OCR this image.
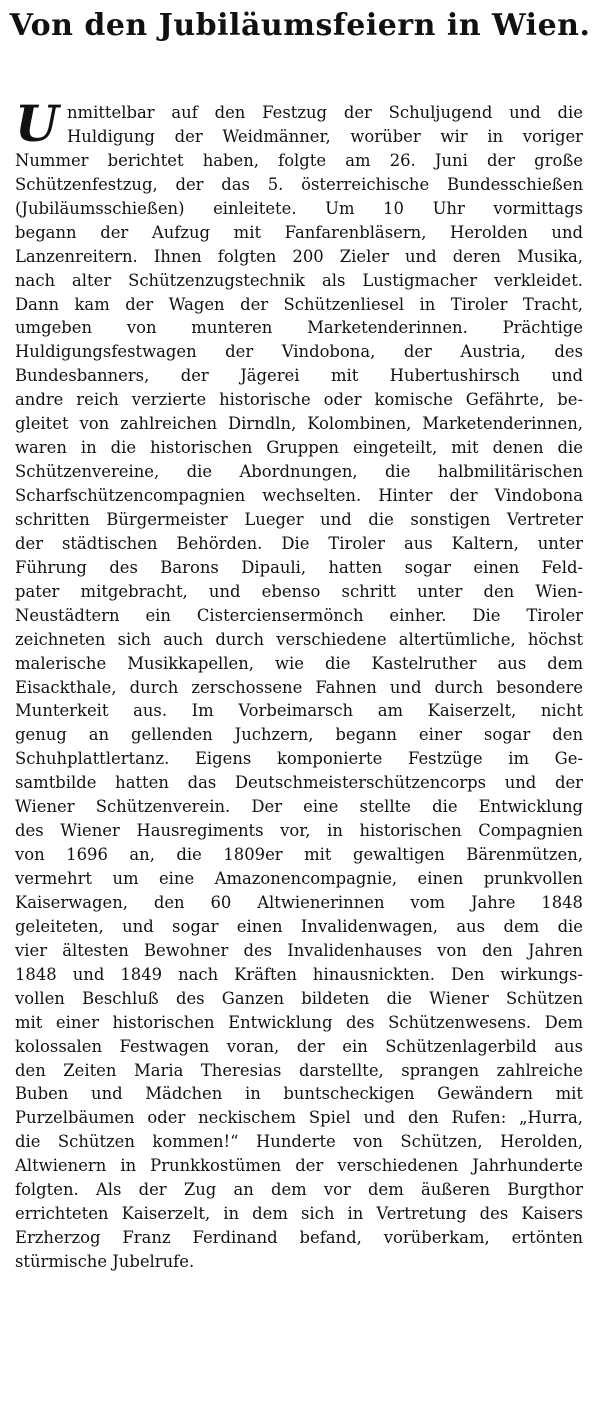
Von den Jubiläumsfeiern in Wien.
U nmittelbar auf den Festzug der Schuljugend und die
Huldigung der Weidmänner, worüber wir in voriger
Nummer berichtet haben, folgte am 26. Juni der große
Schützenfestzug, der das 5. österreichische Bundesschießen
(Jubiläumsschießen) einleitete. Um 10 Uhr vormittags
begann der Aufzug mit Fanfarenbläsern, Herolden und
Lanzenreitern. Ihnen folgten 200 Zieler und deren Musika,
nach alter Schützenzugstechnik als Lustigmacher verkleidet.
Dann kam der Wagen der Schützenliesel in Tiroler Tracht,
umgeben von munteren Marketenderinnen. Prächtige
Huldigungsfestwagen der Vindobona, der Austria, des
Bundesbanners, der Jägerei mit Hubertushirsch und
andre reich verzierte historische oder komische Gefährte, be-
gleitet von zahlreichen Dirndln, Kolombinen, Marketenderinnen,
waren in die historischen Gruppen eingeteilt, mit denen die
Schützenvereine, die Abordnungen, die halbmilitärischen
Scharfschützencompagnien wechselten. Hinter der Vindobona
schritten Bürgermeister Lueger und die sonstigen Vertreter
der städtischen Behörden. Die Tiroler aus Kaltern, unter
Führung des Barons Dipauli, hatten sogar einen Feld-
pater mitgebracht, und ebenso schritt unter den Wien-
Neustädtern ein Cisterciensermönch einher. Die Tiroler
zeichneten sich auch durch verschiedene altertümliche, höchst
malerische Musikkapellen, wie die Kastelruther aus dem
Eisackthale, durch zerschossene Fahnen und durch besondere
Munterkeit aus. Im Vorbeimarsch am Kaiserzelt, nicht
genug an gellenden Juchzern, begann einer sogar den
Schuhplattlertanz. Eigens komponierte Festzüge im Ge-
samtbilde hatten das Deutschmeisterschützencorps und der
Wiener Schützenverein. Der eine stellte die Entwicklung
des Wiener Hausregiments vor, in historischen Compagnien
von 1696 an, die 1809er mit gewaltigen Bärenmützen,
vermehrt um eine Amazonencompagnie, einen prunkvollen
Kaiserwagen, den 60 Altwienerinnen vom Jahre 1848
geleiteten, und sogar einen Invalidenwagen, aus dem die
vier ältesten Bewohner des Invalidenhauses von den Jahren
1848 und 1849 nach Kräften hinausnickten. Den wirkungs-
vollen Beschluß des Ganzen bildeten die Wiener Schützen
mit einer historischen Entwicklung des Schützenwesens. Dem
kolossalen Festwagen voran, der ein Schützenlagerbild aus
den Zeiten Maria Theresias darstellte, sprangen zahlreiche
Buben und Mädchen in buntscheckigen Gewändern mit
Purzelbäumen oder neckischem Spiel und den Rufen: „Hurra,
die Schützen kommen!“ Hunderte von Schützen, Herolden,
Altwienern in Prunkkostümen der verschiedenen Jahrhunderte
folgten. Als der Zug an dem vor dem äußeren Burgthor
errichteten Kaiserzelt, in dem sich in Vertretung des Kaisers
Erzherzog Franz Ferdinand befand, vorüberkam, ertönten
stürmische Jubelrufe.
